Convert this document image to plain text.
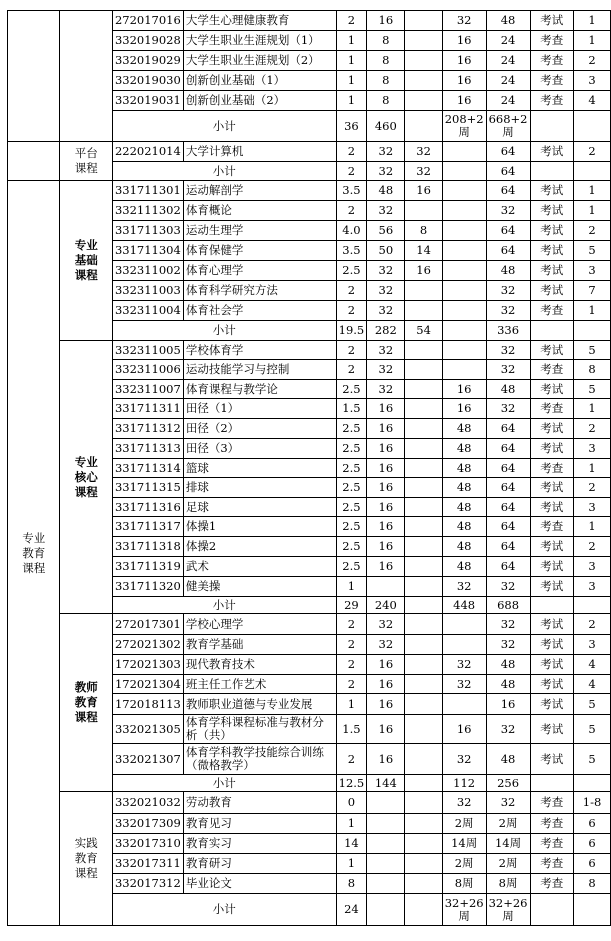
		272017016	大学生心理健康教育	2	16		32	48	考试	1
		332019028	大学生职业生涯规划（1）	1	8		16	24	考查	1
		332019029	大学生职业生涯规划（2）	1	8		16	24	考查	2
		332019030	创新创业基础（1）	1	8		16	24	考查	3
		332019031	创新创业基础（2）	1	8		16	24	考查	4
		小计		36	460		208+2周	668+2周		
	平台课程	222021014	大学计算机	2	32	32		64	考试	2
		小计		2	32	32		64		
专业教育课程	专业基础课程	331711301	运动解剖学	3.5	48	16		64	考试	1
		332111302	体育概论	2	32			32	考试	1
		331711303	运动生理学	4.0	56	8		64	考试	2
		331711304	体育保健学	3.5	50	14		64	考试	5
		332311002	体育心理学	2.5	32	16		48	考试	3
		332311003	体育科学研究方法	2	32			32	考试	7
		332311004	体育社会学	2	32			32	考查	1
		小计		19.5	282	54		336		
	专业核心课程	332311005	学校体育学	2	32			32	考试	5
		332311006	运动技能学习与控制	2	32			32	考查	8
		332311007	体育课程与教学论	2.5	32		16	48	考试	5
		331711311	田径（1）	1.5	16		16	32	考查	1
		331711312	田径（2）	2.5	16		48	64	考试	2
		331711313	田径（3）	2.5	16		48	64	考试	3
		331711314	篮球	2.5	16		48	64	考查	1
		331711315	排球	2.5	16		48	64	考试	2
		331711316	足球	2.5	16		48	64	考试	3
		331711317	体操1	2.5	16		48	64	考查	1
		331711318	体操2	2.5	16		48	64	考试	2
		331711319	武术	2.5	16		48	64	考试	3
		331711320	健美操	1			32	32	考试	3
		小计		29	240		448	688		
	教师教育课程	272017301	学校心理学	2	32			32	考试	2
		272021302	教育学基础	2	32			32	考试	3
		172021303	现代教育技术	2	16		32	48	考试	4
		172021304	班主任工作艺术	2	16		32	48	考试	4
		172018113	教师职业道德与专业发展	1	16			16	考试	5
		332021305	体育学科课程标准与教材分析（共）	1.5	16		16	32	考试	5
		332021307	体育学科教学技能综合训练（微格教学）	2	16		32	48	考试	5
		小计		12.5	144		112	256		
	实践教育课程	332021032	劳动教育	0			32	32	考查	1-8
		332017309	教育见习	1			2周	2周	考查	6
		332017310	教育实习	14			14周	14周	考查	6
		332017311	教育研习	1			2周	2周	考查	6
		332017312	毕业论文	8			8周	8周	考查	8
		小计		24			32+26周	32+26周		
